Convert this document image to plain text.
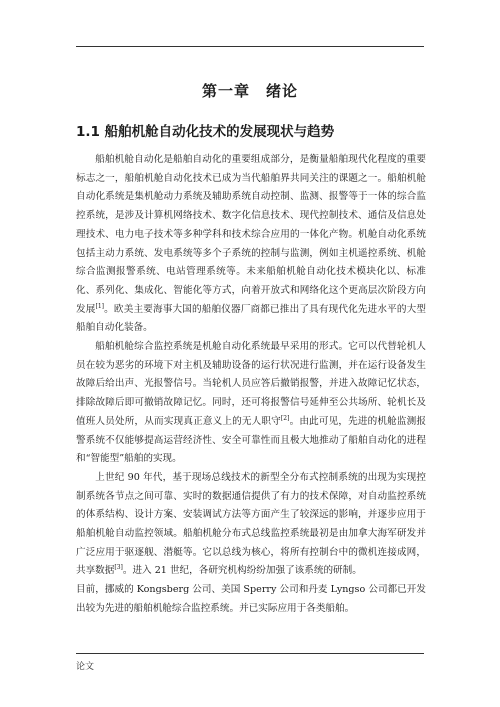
第一章　绪论
1.1 船舶机舱自动化技术的发展现状与趋势

船舶机舱自动化是船舶自动化的重要组成部分，是衡量船舶现代化程度的重要标志之一，船舶机舱自动化技术已成为当代船舶界共同关注的课题之一。船舶机舱自动化系统是集机舱动力系统及辅助系统自动控制、监测、报警等于一体的综合监控系统，是涉及计算机网络技术、数字化信息技术、现代控制技术、通信及信息处理技术、电力电子技术等多种学科和技术综合应用的一体化产物。机舱自动化系统包括主动力系统、发电系统等多个子系统的控制与监测，例如主机遥控系统、机舱综合监测报警系统、电站管理系统等。未来船舶机舱自动化技术模块化以、标准化、系列化、集成化、智能化等方式，向着开放式和网络化这个更高层次阶段方向发展[1]。欧美主要海事大国的船舶仪器厂商都已推出了具有现代化先进水平的大型船舶自动化装备。

船舶机舱综合监控系统是机舱自动化系统最早采用的形式。它可以代替轮机人员在较为恶劣的环境下对主机及辅助设备的运行状况进行监测，并在运行设备发生故障后给出声、光报警信号。当轮机人员应答后撤销报警，并进入故障记忆状态，排除故障后即可撤销故障记忆。同时，还可将报警信号延伸至公共场所、轮机长及值班人员处所，从而实现真正意义上的无人职守[2]。由此可见，先进的机舱监测报警系统不仅能够提高运营经济性、安全可靠性而且极大地推动了船舶自动化的进程和“智能型”船舶的实现。

上世纪 90 年代，基于现场总线技术的新型全分布式控制系统的出现为实现控制系统各节点之间可靠、实时的数据通信提供了有力的技术保障，对自动监控系统的体系结构、设计方案、安装调试方法等方面产生了较深远的影响，并逐步应用于船舶机舱自动监控领域。船舶机舱分布式总线监控系统最初是由加拿大海军研发并广泛应用于驱逐舰、潜艇等。它以总线为核心，将所有控制台中的微机连接成网，共享数据[3]。进入 21 世纪，各研究机构纷纷加强了该系统的研制。

目前，挪威的 Kongsberg 公司、美国 Sperry 公司和丹麦 Lyngso 公司都已开发出较为先进的船舶机舱综合监控系统。并已实际应用于各类船舶。

论文
